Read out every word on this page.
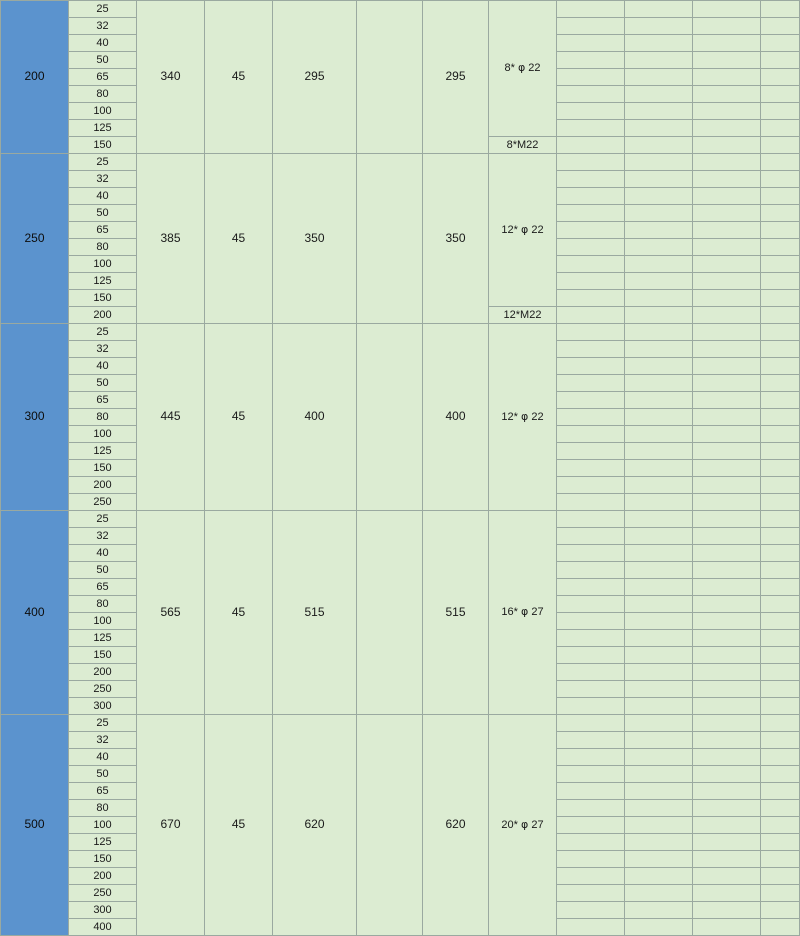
200	25	340	45	295		295	8* φ 22				
	32										
	40										
	50										
	65										
	80										
	100										
	125										
	150						8*M22				
250	25	385	45	350		350	12* φ 22				
	32										
	40										
	50										
	65										
	80										
	100										
	125										
	150										
	200						12*M22				
300	25	445	45	400		400	12* φ 22				
	32										
	40										
	50										
	65										
	80										
	100										
	125										
	150										
	200										
	250										
400	25	565	45	515		515	16* φ 27				
	32										
	40										
	50										
	65										
	80										
	100										
	125										
	150										
	200										
	250										
	300										
500	25	670	45	620		620	20* φ 27				
	32										
	40										
	50										
	65										
	80										
	100										
	125										
	150										
	200										
	250										
	300										
	400										
